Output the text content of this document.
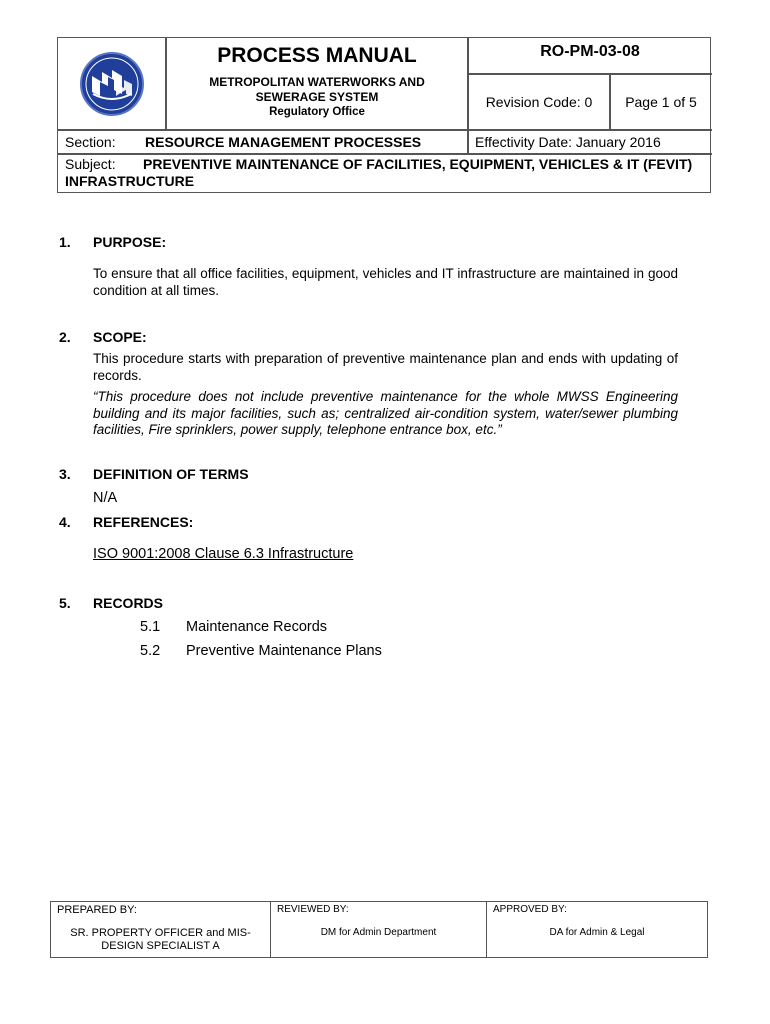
PROCESS MANUAL
METROPOLITAN WATERWORKS AND
SEWERAGE SYSTEM
Regulatory Office
RO-PM-03-08
Revision Code: 0	Page 1 of 5
Section: RESOURCE MANAGEMENT PROCESSES	Effectivity Date: January 2016
Subject: PREVENTIVE MAINTENANCE OF FACILITIES, EQUIPMENT, VEHICLES & IT (FEVIT)
INFRASTRUCTURE
1. PURPOSE:
To ensure that all office facilities, equipment, vehicles and IT infrastructure are maintained in good condition at all times.
2. SCOPE:
This procedure starts with preparation of preventive maintenance plan and ends with updating of records.
“This procedure does not include preventive maintenance for the whole MWSS Engineering building and its major facilities, such as; centralized air-condition system, water/sewer plumbing facilities, Fire sprinklers, power supply, telephone entrance box, etc.”
3. DEFINITION OF TERMS
N/A
4. REFERENCES:
ISO 9001:2008 Clause 6.3 Infrastructure
5. RECORDS
5.1 Maintenance Records
5.2 Preventive Maintenance Plans
PREPARED BY:
SR. PROPERTY OFFICER and MIS-
DESIGN SPECIALIST A
REVIEWED BY:
DM for Admin Department
APPROVED BY:
DA for Admin & Legal
